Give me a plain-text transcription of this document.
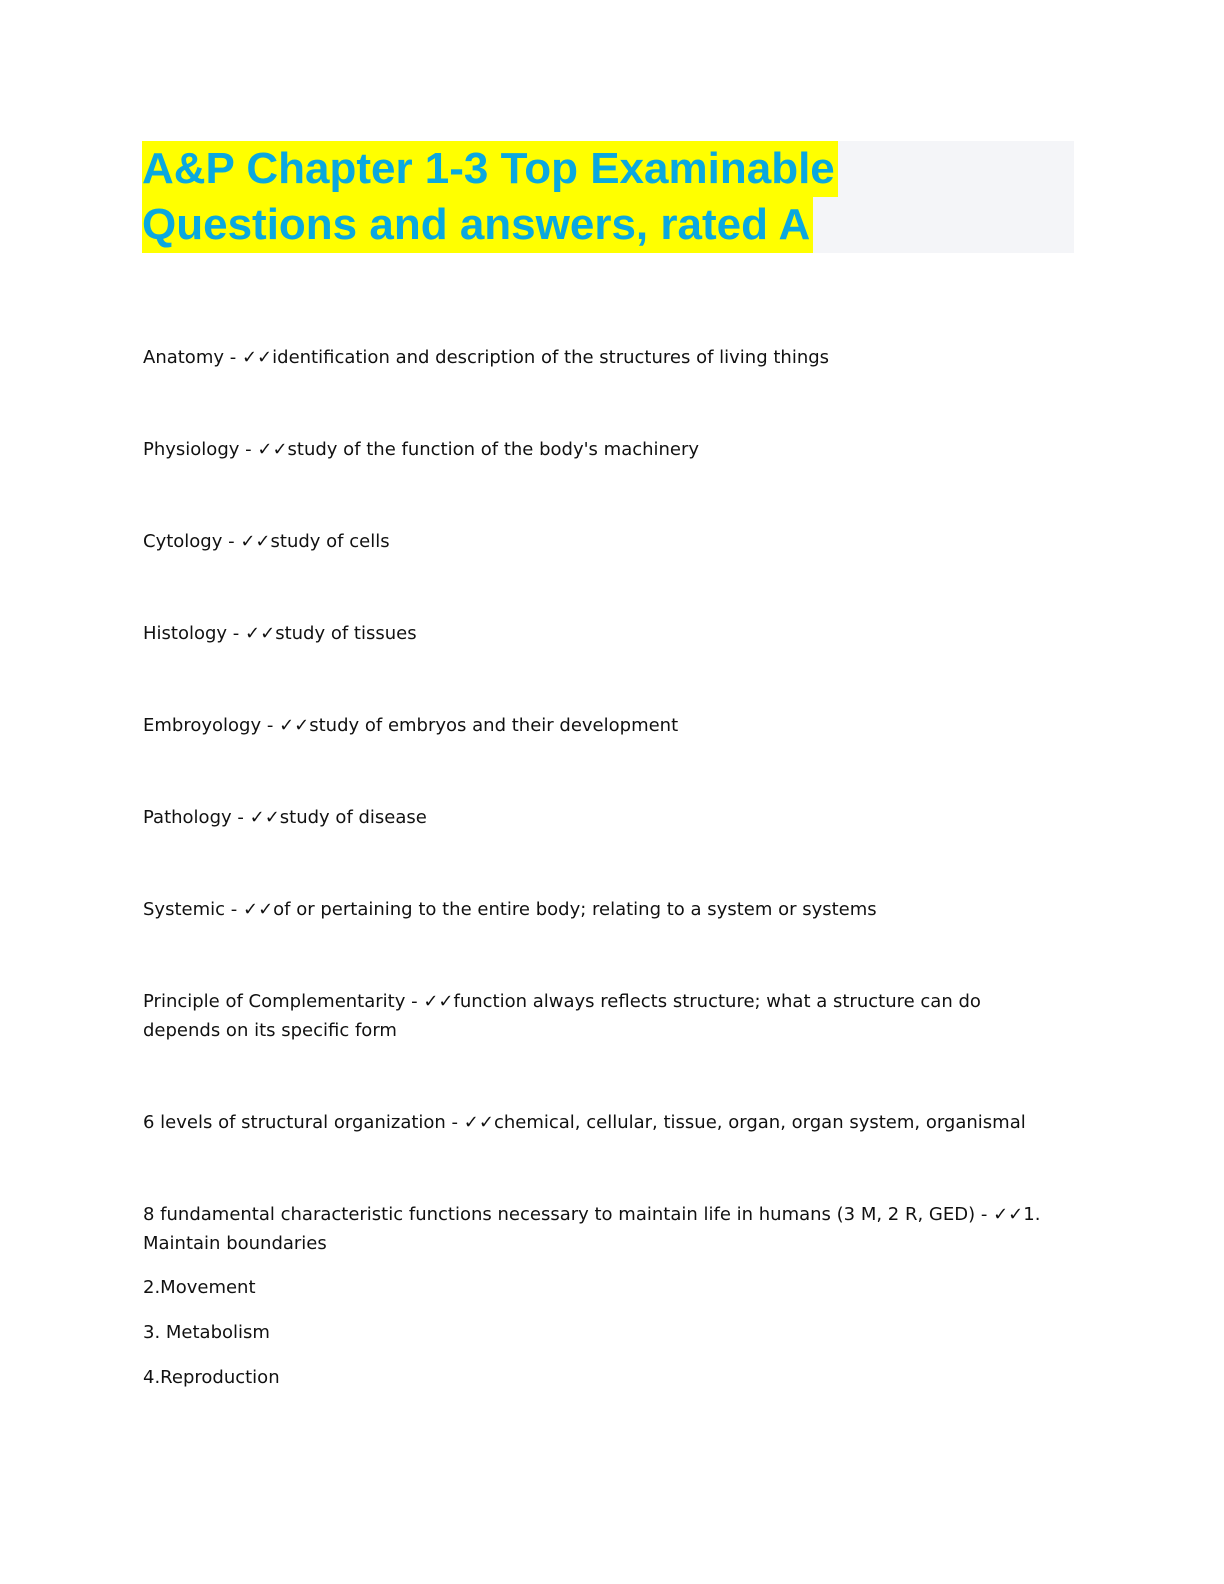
A&P Chapter 1-3 Top Examinable
Questions and answers, rated A
Anatomy - ✓✓identification and description of the structures of living things
Physiology - ✓✓study of the function of the body's machinery
Cytology - ✓✓study of cells
Histology - ✓✓study of tissues
Embroyology - ✓✓study of embryos and their development
Pathology - ✓✓study of disease
Systemic - ✓✓of or pertaining to the entire body; relating to a system or systems
Principle of Complementarity - ✓✓function always reflects structure; what a structure can do depends on its specific form
6 levels of structural organization - ✓✓chemical, cellular, tissue, organ, organ system, organismal
8 fundamental characteristic functions necessary to maintain life in humans (3 M, 2 R, GED) - ✓✓1. Maintain boundaries
2.Movement
3. Metabolism
4.Reproduction
